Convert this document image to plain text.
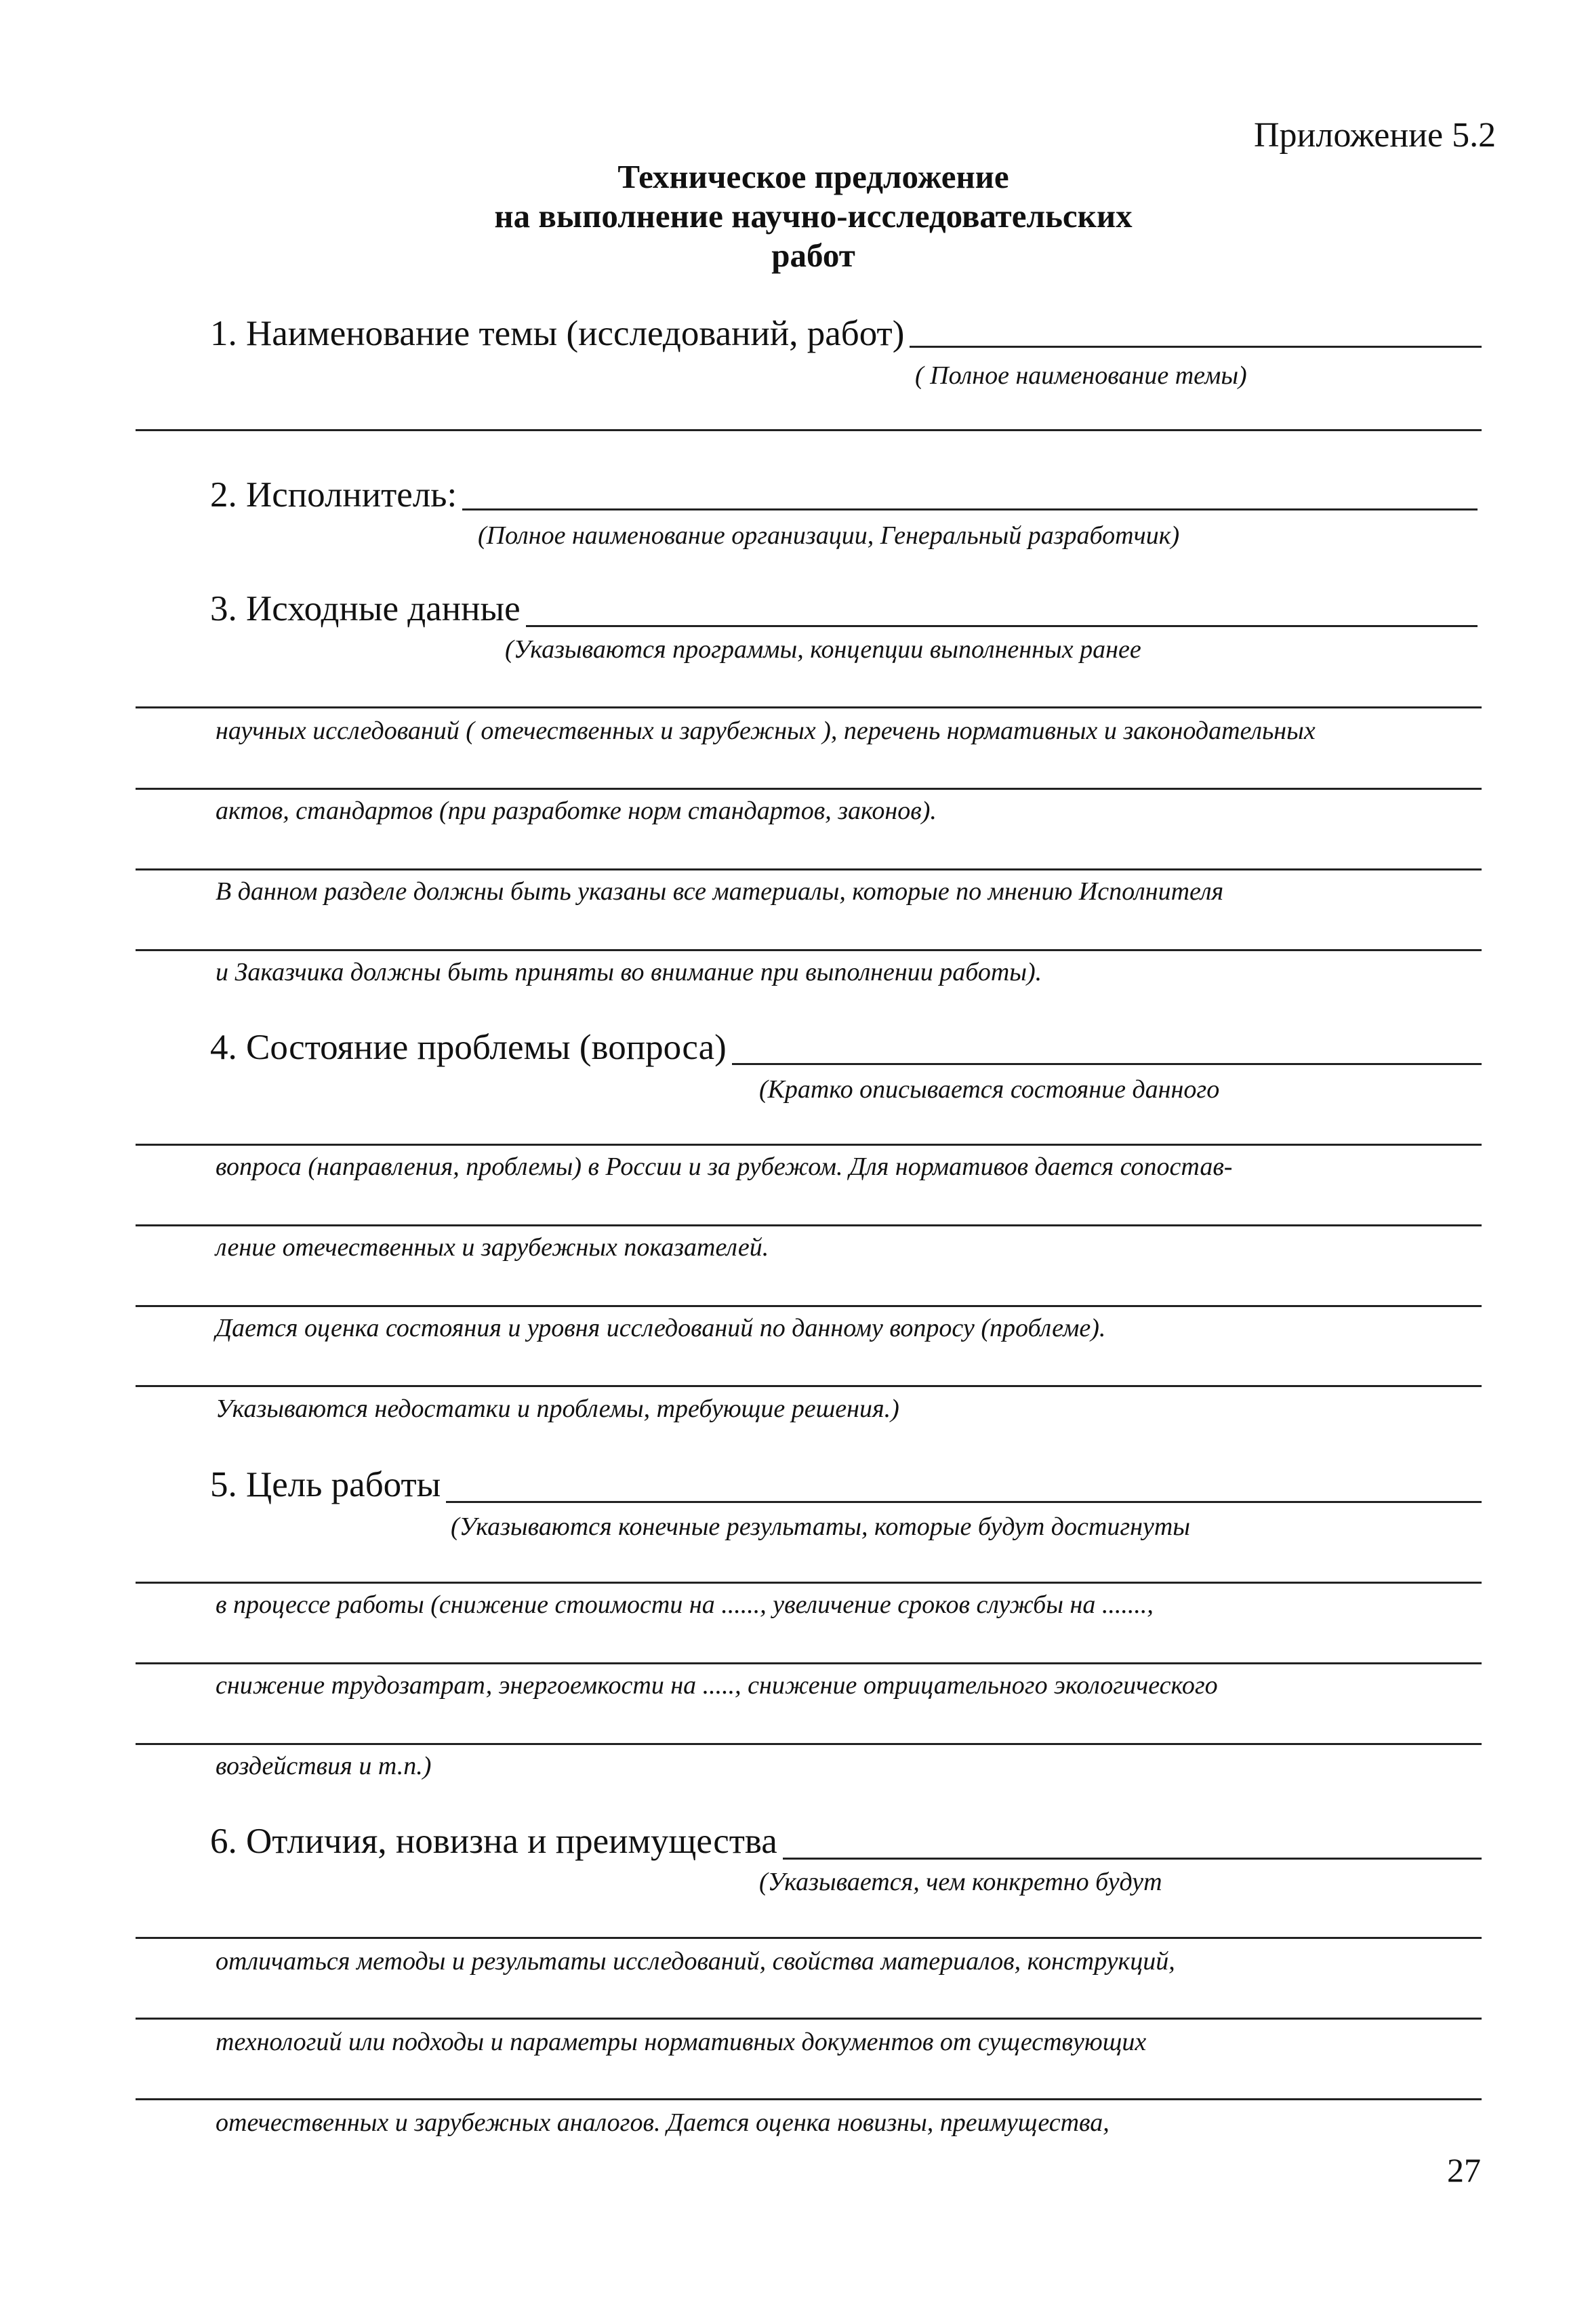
Приложение 5.2
Техническое предложение
на выполнение научно-исследовательских
работ
1. Наименование темы (исследований, работ)
( Полное наименование темы)
2. Исполнитель:
(Полное наименование организации, Генеральный разработчик)
3. Исходные данные
(Указываются программы, концепции выполненных ранее
научных исследований ( отечественных и зарубежных ), перечень нормативных и законодательных
актов, стандартов (при разработке норм стандартов, законов).
В данном разделе должны быть указаны все материалы, которые по мнению Исполнителя
и Заказчика должны быть приняты во внимание при выполнении работы).
4. Состояние проблемы (вопроса)
(Кратко описывается состояние данного
вопроса (направления, проблемы) в России и за рубежом. Для нормативов дается сопостав-
ление отечественных и зарубежных показателей.
Дается оценка состояния и уровня исследований по данному вопросу (проблеме).
Указываются недостатки и проблемы, требующие решения.)
5. Цель работы
(Указываются конечные результаты, которые будут достигнуты
в процессе работы (снижение стоимости на ......, увеличение сроков службы на .......,
снижение трудозатрат, энергоемкости на ....., снижение отрицательного экологического
воздействия и т.п.)
6. Отличия, новизна и преимущества
(Указывается, чем конкретно будут
отличаться методы и результаты исследований, свойства материалов, конструкций,
технологий или подходы и параметры нормативных документов от существующих
отечественных и зарубежных аналогов. Дается оценка новизны, преимущества,
27
